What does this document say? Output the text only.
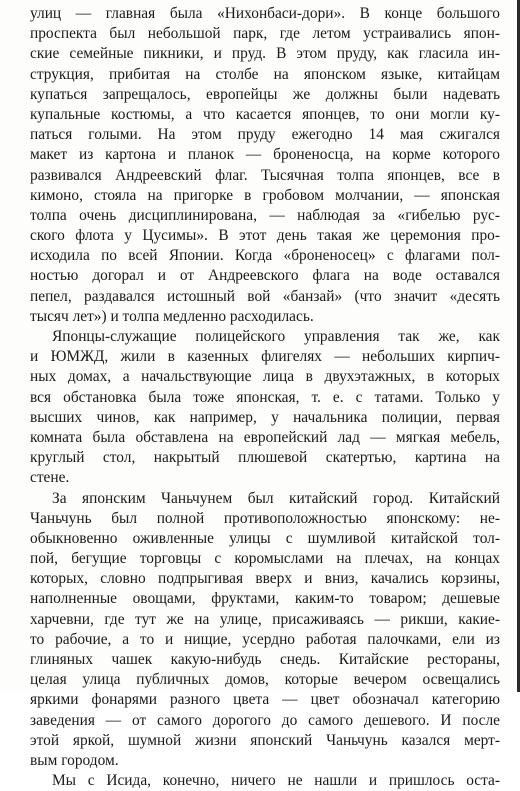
улиц — главная была «Нихонбаси-дори». В конце большого
проспекта был небольшой парк, где летом устраивались япон-
ские семейные пикники, и пруд. В этом пруду, как гласила ин-
струкция, прибитая на столбе на японском языке, китайцам
купаться запрещалось, европейцы же должны были надевать
купальные костюмы, а что касается японцев, то они могли ку-
паться голыми. На этом пруду ежегодно 14 мая сжигался
макет из картона и планок — броненосца, на корме которого
развивался Андреевский флаг. Тысячная толпа японцев, все в
кимоно, стояла на пригорке в гробовом молчании, — японская
толпа очень дисциплинирована, — наблюдая за «гибелью рус-
ского флота у Цусимы». В этот день такая же церемония про-
исходила по всей Японии. Когда «броненосец» с флагами пол-
ностью догорал и от Андреевского флага на воде оставался
пепел, раздавался истошный вой «банзай» (что значит «десять
тысяч лет») и толпа медленно расходилась.
Японцы-служащие полицейского управления так же, как
и ЮМЖД, жили в казенных флигелях — небольших кирпич-
ных домах, а начальствующие лица в двухэтажных, в которых
вся обстановка была тоже японская, т. е. с татами. Только у
высших чинов, как например, у начальника полиции, первая
комната была обставлена на европейский лад — мягкая мебель,
круглый стол, накрытый плюшевой скатертью, картина на
стене.
За японским Чаньчунем был китайский город. Китайский
Чаньчунь был полной противоположностью японскому: не-
обыкновенно оживленные улицы с шумливой китайской тол-
пой, бегущие торговцы с коромыслами на плечах, на концах
которых, словно подпрыгивая вверх и вниз, качались корзины,
наполненные овощами, фруктами, каким-то товаром; дешевые
харчевни, где тут же на улице, присаживаясь — рикши, какие-
то рабочие, а то и нищие, усердно работая палочками, ели из
глиняных чашек какую-нибудь снедь. Китайские рестораны,
целая улица публичных домов, которые вечером освещались
яркими фонарями разного цвета — цвет обозначал категорию
заведения — от самого дорогого до самого дешевого. И после
этой яркой, шумной жизни японский Чаньчунь казался мерт-
вым городом.
Мы с Исида, конечно, ничего не нашли и пришлось оста-
